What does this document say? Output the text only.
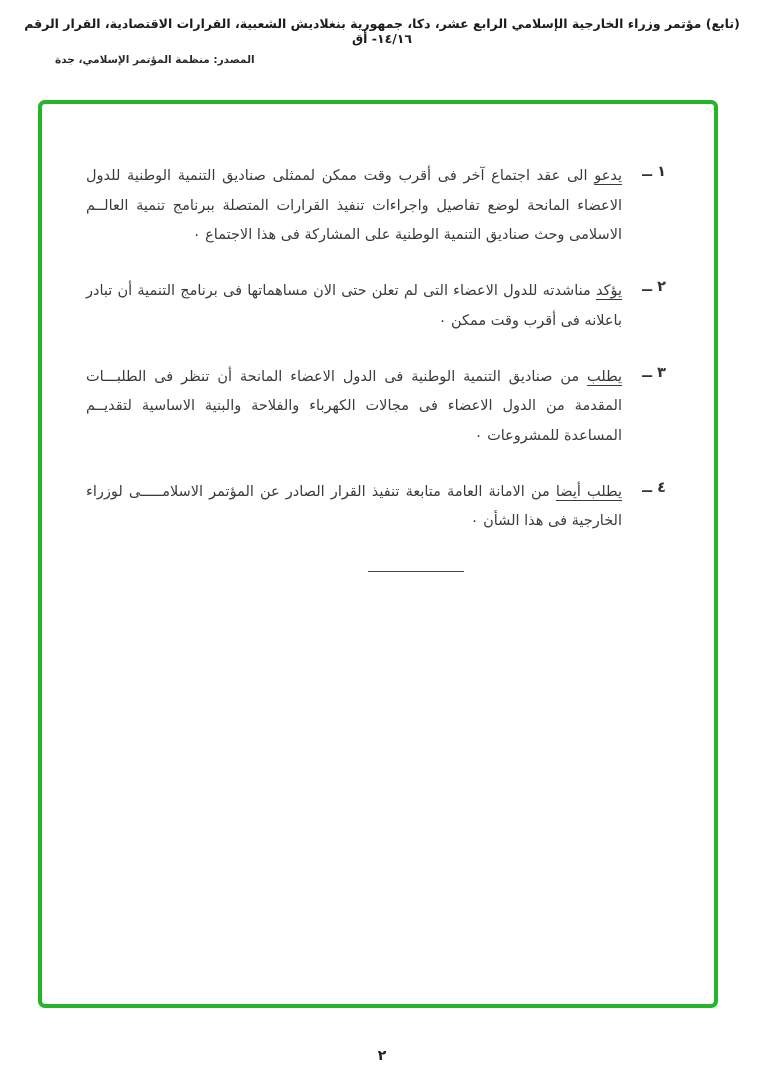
(تابع) مؤتمر وزراء الخارجية الإسلامي الرابع عشر، دكا، جمهورية بنغلاديش الشعبية، القرارات الاقتصادية، القرار الرقم ١٤/١٦- أق
المصدر: منظمة المؤتمر الإسلامي، جدة
١ ــ
يدعو الى عقد اجتماع آخر فى أقرب وقت ممكن لممثلى صناديق التنمية الوطنية للدول الاعضاء المانحة لوضع تفاصيل واجراءات تنفيذ القرارات المتصلة ببرنامج تنمية العالــم الاسلامى وحث صناديق التنمية الوطنية على المشاركة فى هذا الاجتماع ٠
٢ ــ
يؤكد مناشدته للدول الاعضاء التى لم تعلن حتى الان مساهماتها فى برنامج التنمية أن تبادر باعلانه فى أقرب وقت ممكن ٠
٣ ــ
يطلب من صناديق التنمية الوطنية فى الدول الاعضاء المانحة أن تنظر فى الطلبـــات المقدمة من الدول الاعضاء فى مجالات الكهرباء والفلاحة والبنية الاساسية لتقديــم المساعدة للمشروعات ٠
٤ ــ
يطلب أيضا من الامانة العامة متابعة تنفيذ القرار الصادر عن المؤتمر الاسلامـــــى لوزراء الخارجية فى هذا الشأن ٠
٢
